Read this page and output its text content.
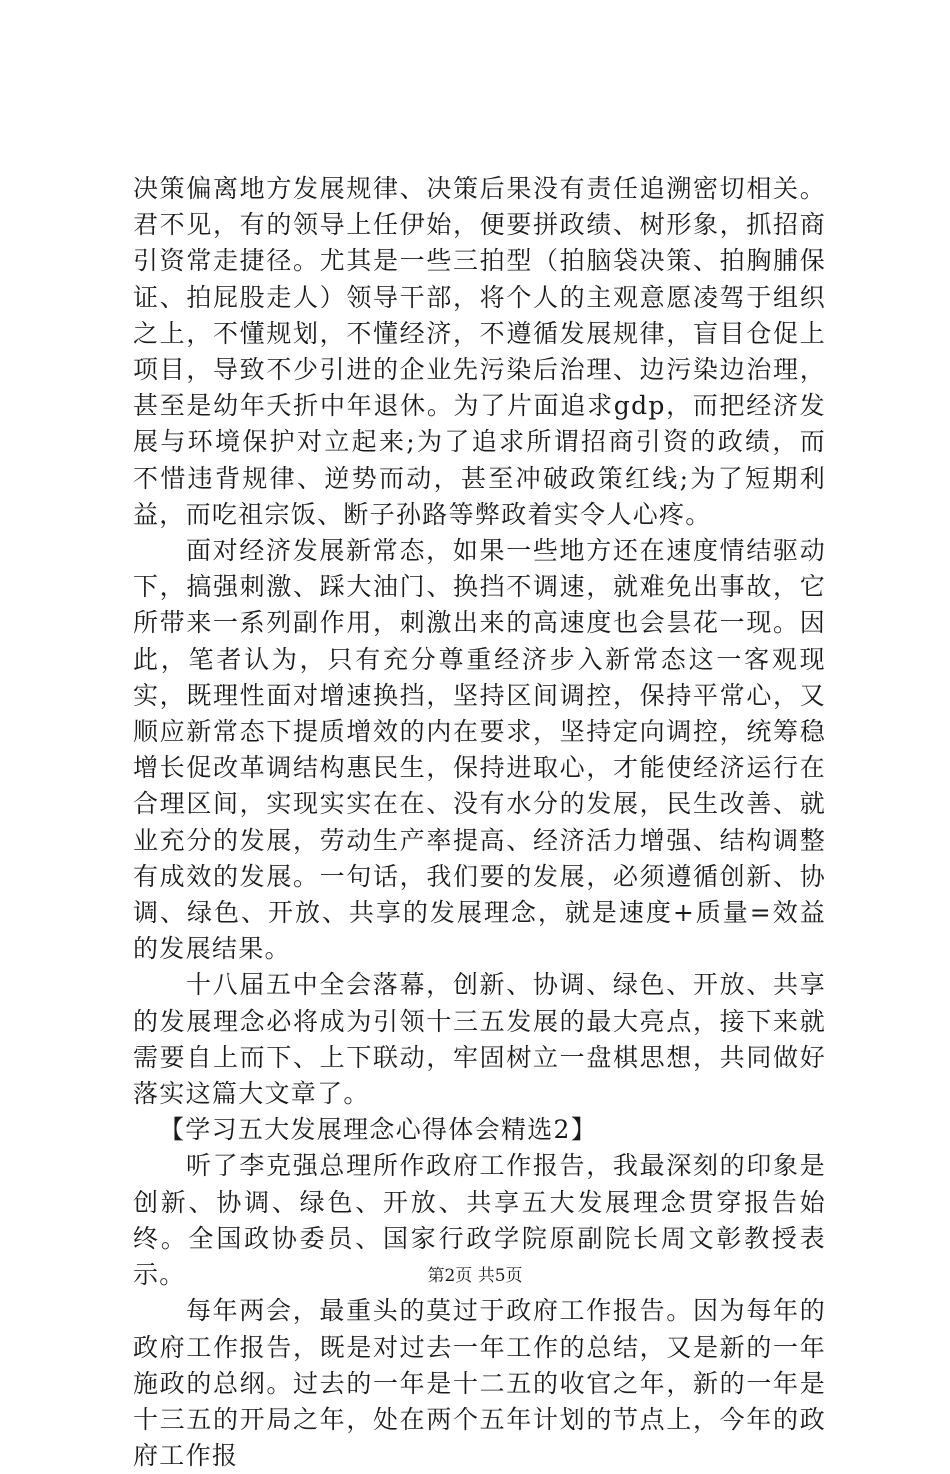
决策偏离地方发展规律、决策后果没有责任追溯密切相关。君不见，有的领导上任伊始，便要拼政绩、树形象，抓招商引资常走捷径。尤其是一些三拍型（拍脑袋决策、拍胸脯保证、拍屁股走人）领导干部，将个人的主观意愿凌驾于组织之上，不懂规划，不懂经济，不遵循发展规律，盲目仓促上项目，导致不少引进的企业先污染后治理、边污染边治理，甚至是幼年夭折中年退休。为了片面追求gdp，而把经济发展与环境保护对立起来;为了追求所谓招商引资的政绩，而不惜违背规律、逆势而动，甚至冲破政策红线;为了短期利益，而吃祖宗饭、断子孙路等弊政着实令人心疼。

面对经济发展新常态，如果一些地方还在速度情结驱动下，搞强刺激、踩大油门、换挡不调速，就难免出事故，它所带来一系列副作用，刺激出来的高速度也会昙花一现。因此，笔者认为，只有充分尊重经济步入新常态这一客观现实，既理性面对增速换挡，坚持区间调控，保持平常心，又顺应新常态下提质增效的内在要求，坚持定向调控，统筹稳增长促改革调结构惠民生，保持进取心，才能使经济运行在合理区间，实现实实在在、没有水分的发展，民生改善、就业充分的发展，劳动生产率提高、经济活力增强、结构调整有成效的发展。一句话，我们要的发展，必须遵循创新、协调、绿色、开放、共享的发展理念，就是速度+质量=效益的发展结果。

十八届五中全会落幕，创新、协调、绿色、开放、共享的发展理念必将成为引领十三五发展的最大亮点，接下来就需要自上而下、上下联动，牢固树立一盘棋思想，共同做好落实这篇大文章了。

【学习五大发展理念心得体会精选2】

听了李克强总理所作政府工作报告，我最深刻的印象是创新、协调、绿色、开放、共享五大发展理念贯穿报告始终。全国政协委员、国家行政学院原副院长周文彰教授表示。

每年两会，最重头的莫过于政府工作报告。因为每年的政府工作报告，既是对过去一年工作的总结，又是新的一年施政的总纲。过去的一年是十二五的收官之年，新的一年是十三五的开局之年，处在两个五年计划的节点上，今年的政府工作报

第2页 共5页
